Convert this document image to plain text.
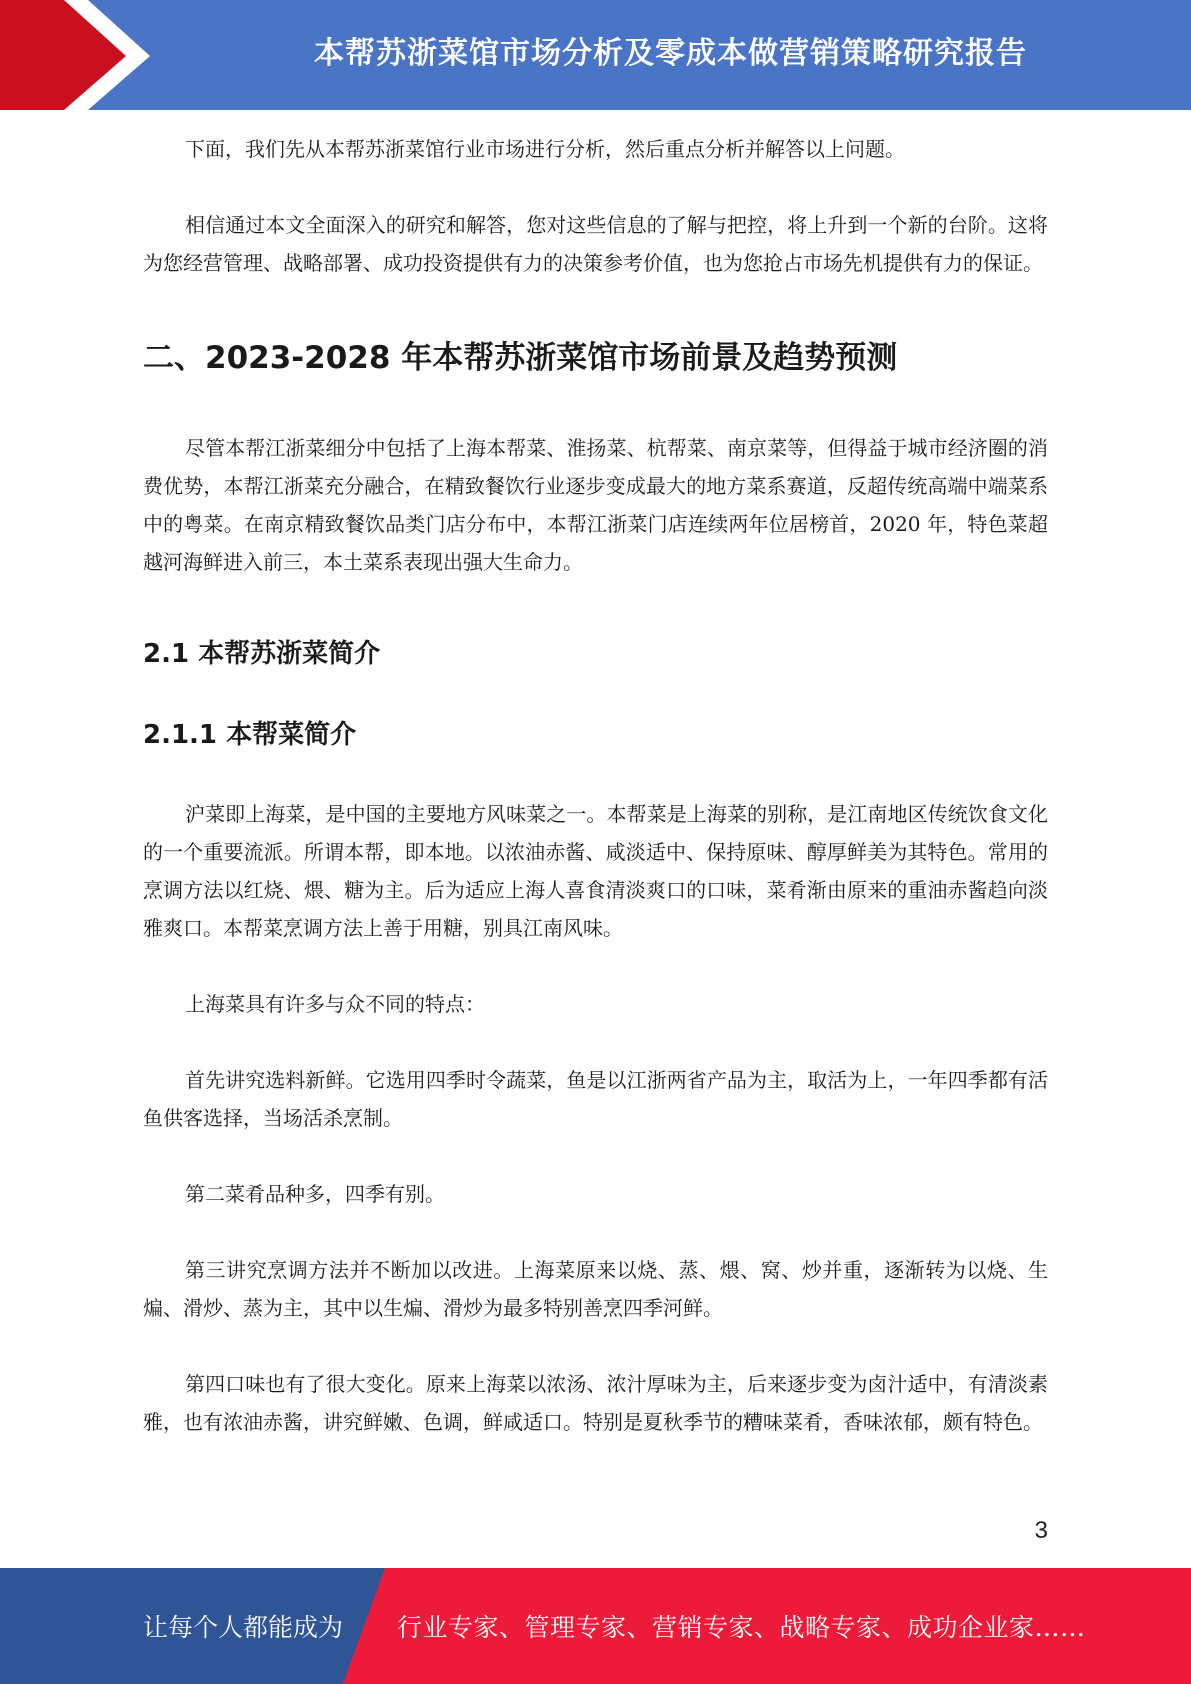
本帮苏浙菜馆市场分析及零成本做营销策略研究报告

下面，我们先从本帮苏浙菜馆行业市场进行分析，然后重点分析并解答以上问题。

相信通过本文全面深入的研究和解答，您对这些信息的了解与把控，将上升到一个新的台阶。这将为您经营管理、战略部署、成功投资提供有力的决策参考价值，也为您抢占市场先机提供有力的保证。

二、2023-2028 年本帮苏浙菜馆市场前景及趋势预测

尽管本帮江浙菜细分中包括了上海本帮菜、淮扬菜、杭帮菜、南京菜等，但得益于城市经济圈的消费优势，本帮江浙菜充分融合，在精致餐饮行业逐步变成最大的地方菜系赛道，反超传统高端中端菜系中的粤菜。在南京精致餐饮品类门店分布中，本帮江浙菜门店连续两年位居榜首，2020 年，特色菜超越河海鲜进入前三，本土菜系表现出强大生命力。

2.1 本帮苏浙菜简介
2.1.1 本帮菜简介

沪菜即上海菜，是中国的主要地方风味菜之一。本帮菜是上海菜的别称，是江南地区传统饮食文化的一个重要流派。所谓本帮，即本地。以浓油赤酱、咸淡适中、保持原味、醇厚鲜美为其特色。常用的烹调方法以红烧、煨、糖为主。后为适应上海人喜食清淡爽口的口味，菜肴渐由原来的重油赤酱趋向淡雅爽口。本帮菜烹调方法上善于用糖，别具江南风味。

上海菜具有许多与众不同的特点：

首先讲究选料新鲜。它选用四季时令蔬菜，鱼是以江浙两省产品为主，取活为上，一年四季都有活鱼供客选择，当场活杀烹制。

第二菜肴品种多，四季有别。

第三讲究烹调方法并不断加以改进。上海菜原来以烧、蒸、煨、窝、炒并重，逐渐转为以烧、生煸、滑炒、蒸为主，其中以生煸、滑炒为最多特别善烹四季河鲜。

第四口味也有了很大变化。原来上海菜以浓汤、浓汁厚味为主，后来逐步变为卤汁适中，有清淡素雅，也有浓油赤酱，讲究鲜嫩、色调，鲜咸适口。特别是夏秋季节的糟味菜肴，香味浓郁，颇有特色。

3
让每个人都能成为 行业专家、管理专家、营销专家、战略专家、成功企业家……
